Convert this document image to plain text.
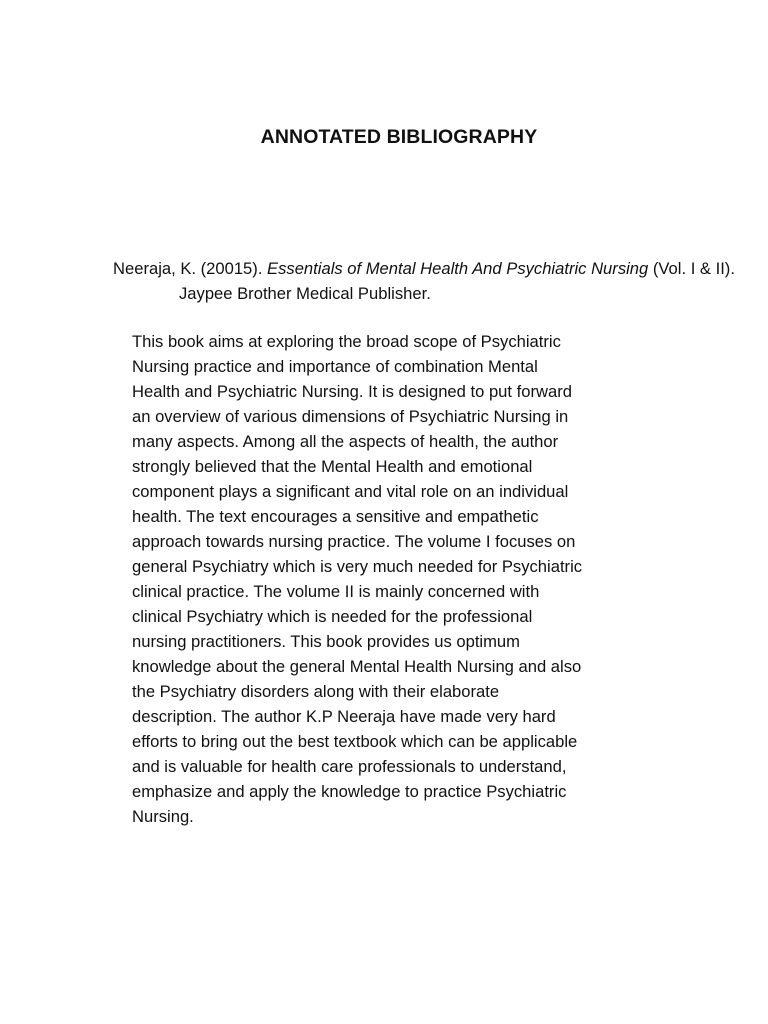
ANNOTATED BIBLIOGRAPHY

Neeraja, K. (20015). Essentials of Mental Health And Psychiatric Nursing (Vol. I & II). Jaypee Brother Medical Publisher.

This book aims at exploring the broad scope of Psychiatric
Nursing practice and importance of combination Mental
Health and Psychiatric Nursing. It is designed to put forward
an overview of various dimensions of Psychiatric Nursing in
many aspects. Among all the aspects of health, the author
strongly believed that the Mental Health and emotional
component plays a significant and vital role on an individual
health. The text encourages a sensitive and empathetic
approach towards nursing practice. The volume I focuses on
general Psychiatry which is very much needed for Psychiatric
clinical practice. The volume II is mainly concerned with
clinical Psychiatry which is needed for the professional
nursing practitioners. This book provides us optimum
knowledge about the general Mental Health Nursing and also
the Psychiatry disorders along with their elaborate
description. The author K.P Neeraja have made very hard
efforts to bring out the best textbook which can be applicable
and is valuable for health care professionals to understand,
emphasize and apply the knowledge to practice Psychiatric
Nursing.
